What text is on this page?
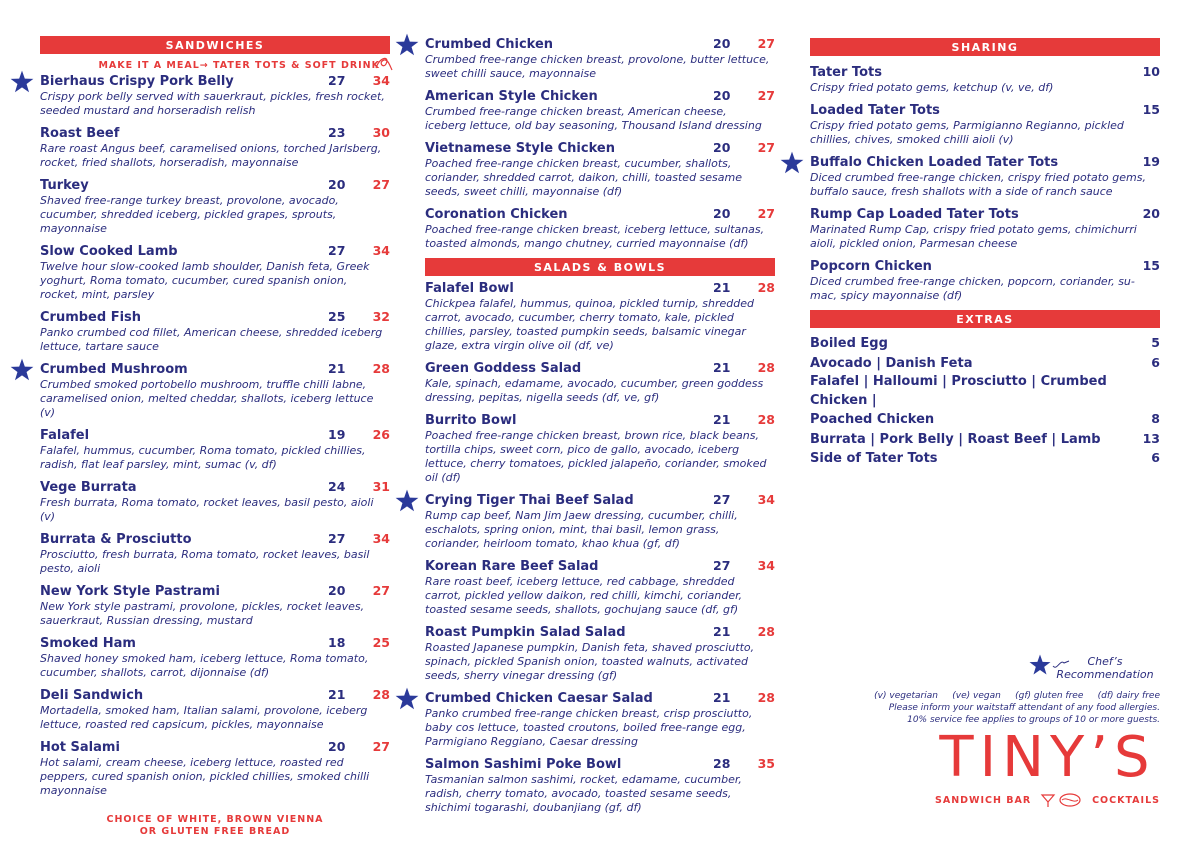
SANDWICHES
MAKE IT A MEAL→ TATER TOTS & SOFT DRINK
Bierhaus Crispy Pork Belly	27	34
Crispy pork belly served with sauerkraut, pickles, fresh rocket, seeded mustard and horseradish relish
Roast Beef	23	30
Rare roast Angus beef, caramelised onions, torched Jarlsberg, rocket, fried shallots, horseradish, mayonnaise
Turkey	20	27
Shaved free-range turkey breast, provolone, avocado, cucumber, shredded iceberg, pickled grapes, sprouts, mayonnaise
Slow Cooked Lamb	27	34
Twelve hour slow-cooked lamb shoulder, Danish feta, Greek yoghurt, Roma tomato, cucumber, cured spanish onion, rocket, mint, parsley
Crumbed Fish	25	32
Panko crumbed cod fillet, American cheese, shredded iceberg lettuce, tartare sauce
Crumbed Mushroom	21	28
Crumbed smoked portobello mushroom, truffle chilli labne, caramelised onion, melted cheddar, shallots, iceberg lettuce (v)
Falafel	19	26
Falafel, hummus, cucumber, Roma tomato, pickled chillies, radish, flat leaf parsley, mint, sumac (v, df)
Vege Burrata	24	31
Fresh burrata, Roma tomato, rocket leaves, basil pesto, aioli (v)
Burrata & Prosciutto	27	34
Prosciutto, fresh burrata, Roma tomato, rocket leaves, basil pesto, aioli
New York Style Pastrami	20	27
New York style pastrami, provolone, pickles, rocket leaves, sauerkraut, Russian dressing, mustard
Smoked Ham	18	25
Shaved honey smoked ham, iceberg lettuce, Roma tomato, cucumber, shallots, carrot, dijonnaise (df)
Deli Sandwich	21	28
Mortadella, smoked ham, Italian salami, provolone, iceberg lettuce, roasted red capsicum, pickles, mayonnaise
Hot Salami	20	27
Hot salami, cream cheese, iceberg lettuce, roasted red peppers, cured spanish onion, pickled chillies, smoked chilli mayonnaise
CHOICE OF WHITE, BROWN VIENNA
OR GLUTEN FREE BREAD
Crumbed Chicken	20	27
Crumbed free-range chicken breast, provolone, butter lettuce, sweet chilli sauce, mayonnaise
American Style Chicken	20	27
Crumbed free-range chicken breast, American cheese, iceberg lettuce, old bay seasoning, Thousand Island dressing
Vietnamese Style Chicken	20	27
Poached free-range chicken breast, cucumber, shallots, coriander, shredded carrot, daikon, chilli, toasted sesame seeds, sweet chilli, mayonnaise (df)
Coronation Chicken	20	27
Poached free-range chicken breast, iceberg lettuce, sultanas, toasted almonds, mango chutney, curried mayonnaise (df)
SALADS & BOWLS
Falafel Bowl	21	28
Chickpea falafel, hummus, quinoa, pickled turnip, shredded carrot, avocado, cucumber, cherry tomato, kale, pickled chillies, parsley, toasted pumpkin seeds, balsamic vinegar glaze, extra virgin olive oil (df, ve)
Green Goddess Salad	21	28
Kale, spinach, edamame, avocado, cucumber, green goddess dressing, pepitas, nigella seeds (df, ve, gf)
Burrito Bowl	21	28
Poached free-range chicken breast, brown rice, black beans, tortilla chips, sweet corn, pico de gallo, avocado, iceberg lettuce, cherry tomatoes, pickled jalapeño, coriander, smoked oil (df)
Crying Tiger Thai Beef Salad	27	34
Rump cap beef, Nam Jim Jaew dressing, cucumber, chilli, eschalots, spring onion, mint, thai basil, lemon grass, coriander, heirloom tomato, khao khua (gf, df)
Korean Rare Beef Salad	27	34
Rare roast beef, iceberg lettuce, red cabbage, shredded carrot, pickled yellow daikon, red chilli, kimchi, coriander, toasted sesame seeds, shallots, gochujang sauce (df, gf)
Roast Pumpkin Salad Salad	21	28
Roasted Japanese pumpkin, Danish feta, shaved prosciutto, spinach, pickled Spanish onion, toasted walnuts, activated seeds, sherry vinegar dressing (gf)
Crumbed Chicken Caesar Salad	21	28
Panko crumbed free-range chicken breast, crisp prosciutto, baby cos lettuce, toasted croutons, boiled free-range egg, Parmigiano Reggiano, Caesar dressing
Salmon Sashimi Poke Bowl	28	35
Tasmanian salmon sashimi, rocket, edamame, cucumber, radish, cherry tomato, avocado, toasted sesame seeds, shichimi togarashi, doubanjiang (gf, df)
SHARING
Tater Tots	10
Crispy fried potato gems, ketchup (v, ve, df)
Loaded Tater Tots	15
Crispy fried potato gems, Parmigianno Regianno, pickled chillies, chives, smoked chilli aioli (v)
Buffalo Chicken Loaded Tater Tots	19
Diced crumbed free-range chicken, crispy fried potato gems, buffalo sauce, fresh shallots with a side of ranch sauce
Rump Cap Loaded Tater Tots	20
Marinated Rump Cap, crispy fried potato gems, chimichurri aioli, pickled onion, Parmesan cheese
Popcorn Chicken	15
Diced crumbed free-range chicken, popcorn, coriander, su- mac, spicy mayonnaise (df)
EXTRAS
Boiled Egg	5
Avocado | Danish Feta	6
Falafel | Halloumi | Prosciutto | Crumbed Chicken |
Poached Chicken	8
Burrata | Pork Belly | Roast Beef | Lamb	13
Side of Tater Tots	6
Chef’s
Recommendation
(v) vegetarian     (ve) vegan     (gf) gluten free     (df) dairy free
Please inform your waitstaff attendant of any food allergies.
10% service fee applies to groups of 10 or more guests.
TINY’S
SANDWICH BAR	COCKTAILS
